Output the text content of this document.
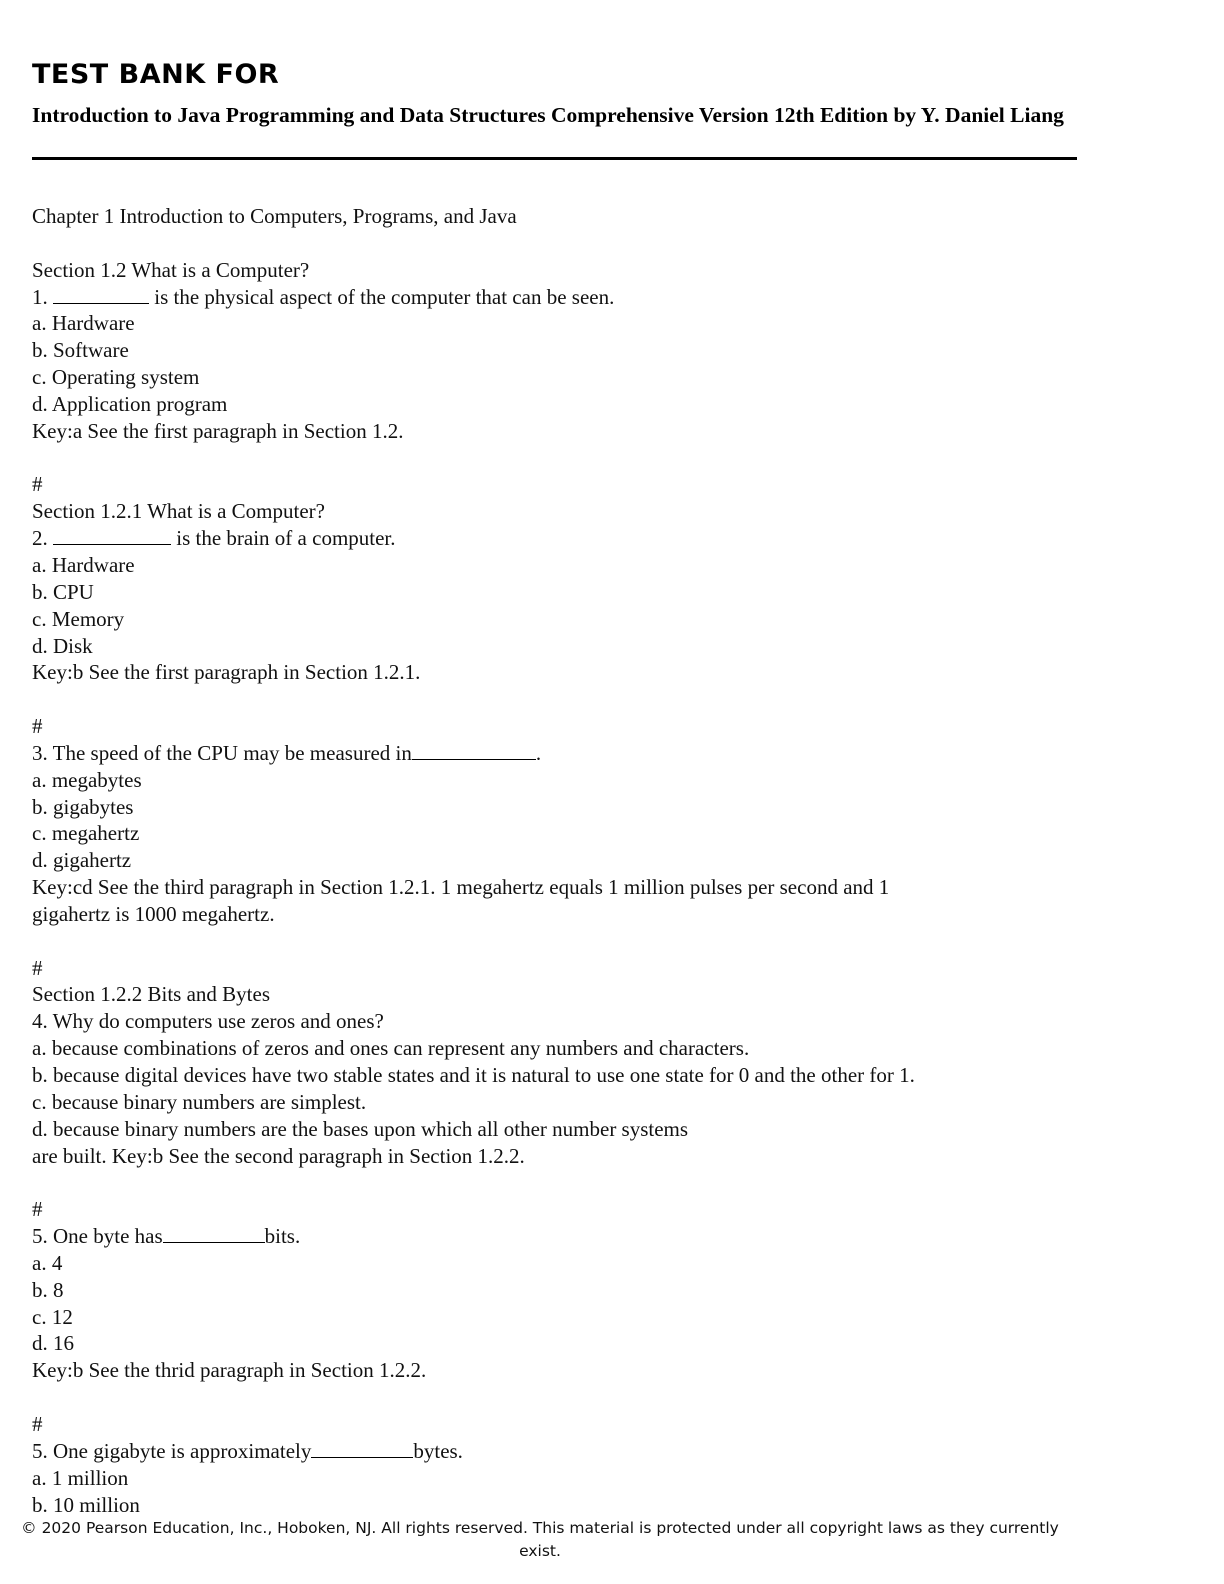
TEST BANK FOR
Introduction to Java Programming and Data Structures Comprehensive Version 12th Edition by Y. Daniel Liang
Chapter 1 Introduction to Computers, Programs, and Java
Section 1.2 What is a Computer?
1.	is the physical aspect of the computer that can be seen.
a. Hardware
b. Software
c. Operating system
d. Application program
Key:a See the first paragraph in Section 1.2.
#
Section 1.2.1 What is a Computer?
2.	is the brain of a computer.
a. Hardware
b. CPU
c. Memory
d. Disk
Key:b See the first paragraph in Section 1.2.1.
#
3. The speed of the CPU may be measured in	.
a. megabytes
b. gigabytes
c. megahertz
d. gigahertz
Key:cd See the third paragraph in Section 1.2.1. 1 megahertz equals 1 million pulses per second and 1
gigahertz is 1000 megahertz.
#
Section 1.2.2 Bits and Bytes
4. Why do computers use zeros and ones?
a. because combinations of zeros and ones can represent any numbers and characters.
b. because digital devices have two stable states and it is natural to use one state for 0 and the other for 1.
c. because binary numbers are simplest.
d. because binary numbers are the bases upon which all other number systems
are built. Key:b See the second paragraph in Section 1.2.2.
#
5. One byte has	bits.
a. 4
b. 8
c. 12
d. 16
Key:b See the thrid paragraph in Section 1.2.2.
#
5. One gigabyte is approximately	bytes.
a. 1 million
b. 10 million
© 2020 Pearson Education, Inc., Hoboken, NJ. All rights reserved. This material is protected under all copyright laws as they currently
exist.
